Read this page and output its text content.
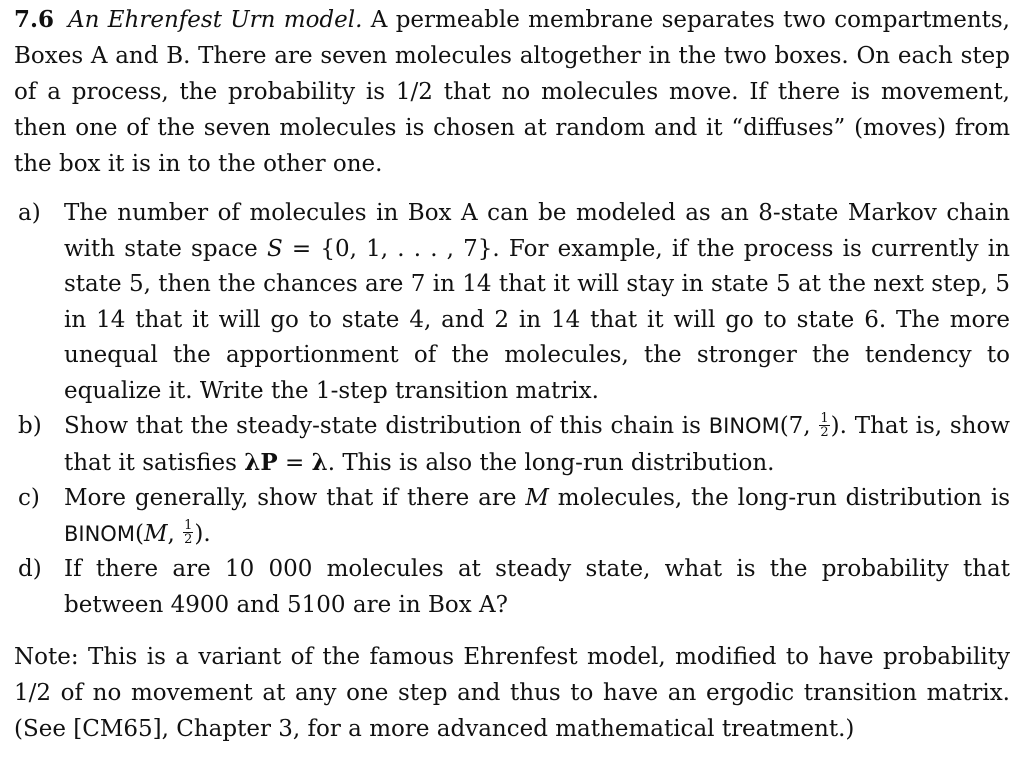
7.6 An Ehrenfest Urn model. A permeable membrane separates two compartments, Boxes A and B. There are seven molecules altogether in the two boxes. On each step of a process, the probability is 1/2 that no molecules move. If there is movement, then one of the seven molecules is chosen at random and it “diffuses” (moves) from the box it is in to the other one.

a) The number of molecules in Box A can be modeled as an 8-state Markov chain with state space S = {0, 1, . . . , 7}. For example, if the process is currently in state 5, then the chances are 7 in 14 that it will stay in state 5 at the next step, 5 in 14 that it will go to state 4, and 2 in 14 that it will go to state 6. The more unequal the apportionment of the molecules, the stronger the tendency to equalize it. Write the 1-step transition matrix.
b) Show that the steady-state distribution of this chain is BINOM(7, $\frac{1}{2}$ ). That is, show that it satisfies λP = λ. This is also the long-run distribution.
c) More generally, show that if there are M molecules, the long-run distribution is BINOM(M, $\frac{1}{2}$ ).
d) If there are 10 000 molecules at steady state, what is the probability that between 4900 and 5100 are in Box A?

Note: This is a variant of the famous Ehrenfest model, modified to have probability 1/2 of no movement at any one step and thus to have an ergodic transition matrix. (See [CM65], Chapter 3, for a more advanced mathematical treatment.)
